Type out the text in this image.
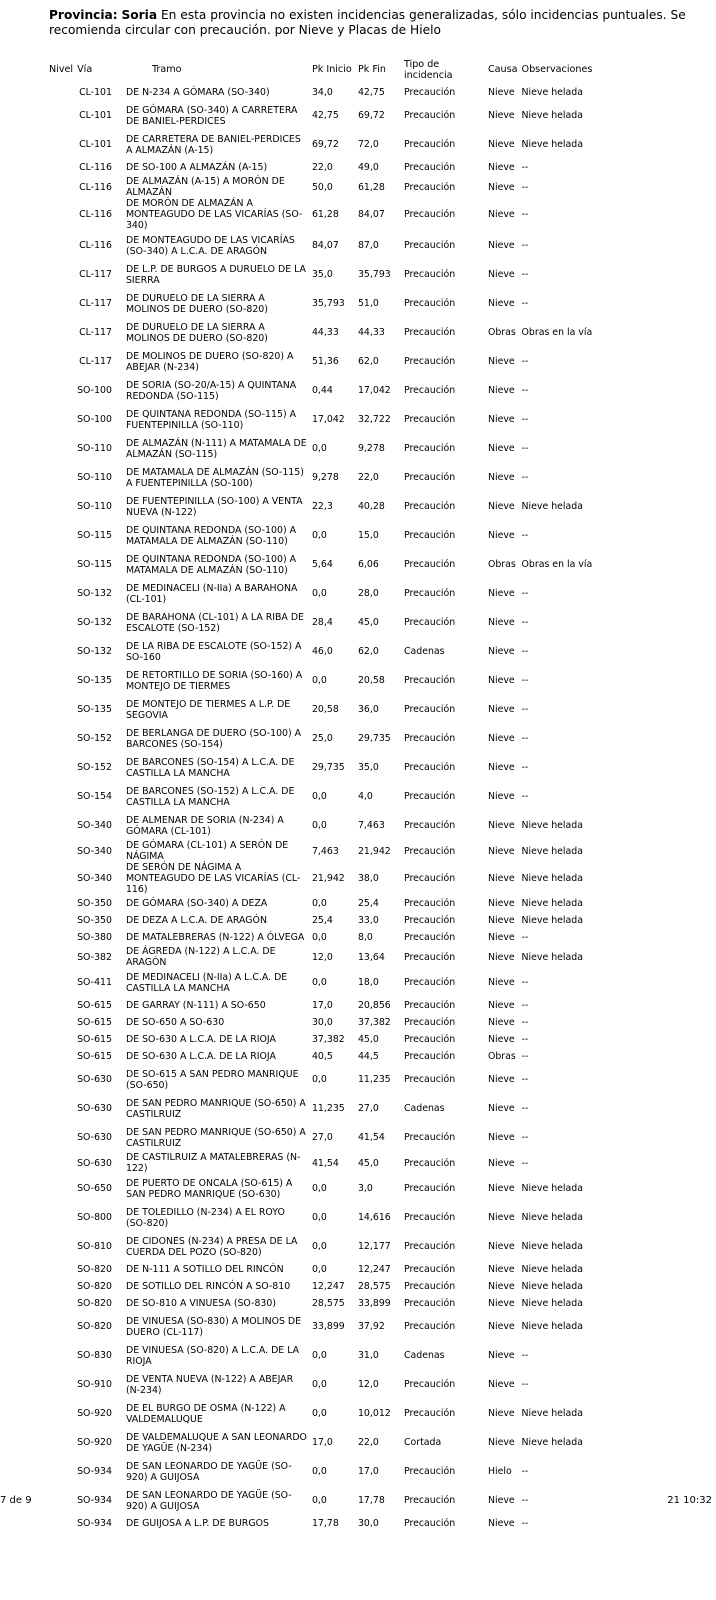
Provincia: Soria En esta provincia no existen incidencias generalizadas, sólo incidencias puntuales. Se recomienda circular con precaución. por Nieve y Placas de Hielo
Nivel	Vía	Tramo	Pk Inicio	Pk Fin	Tipo de incidencia	Causa	Observaciones
	CL-101	DE N-234 A GÓMARA (SO-340)	34,0	42,75	Precaución	Nieve	Nieve helada
	CL-101	DE GÓMARA (SO-340) A CARRETERA DE BANIEL-PERDICES	42,75	69,72	Precaución	Nieve	Nieve helada
	CL-101	DE CARRETERA DE BANIEL-PERDICES A ALMAZÁN (A-15)	69,72	72,0	Precaución	Nieve	Nieve helada
	CL-116	DE SO-100 A ALMAZÁN (A-15)	22,0	49,0	Precaución	Nieve	--
	CL-116	DE ALMAZÁN (A-15) A MORÓN DE ALMAZÁN	50,0	61,28	Precaución	Nieve	--
	CL-116	DE MORÓN DE ALMAZÁN A MONTEAGUDO DE LAS VICARÍAS (SO-340)	61,28	84,07	Precaución	Nieve	--
	CL-116	DE MONTEAGUDO DE LAS VICARÍAS (SO-340) A L.C.A. DE ARAGÓN	84,07	87,0	Precaución	Nieve	--
	CL-117	DE L.P. DE BURGOS A DURUELO DE LA SIERRA	35,0	35,793	Precaución	Nieve	--
	CL-117	DE DURUELO DE LA SIERRA A MOLINOS DE DUERO (SO-820)	35,793	51,0	Precaución	Nieve	--
	CL-117	DE DURUELO DE LA SIERRA A MOLINOS DE DUERO (SO-820)	44,33	44,33	Precaución	Obras	Obras en la vía
	CL-117	DE MOLINOS DE DUERO (SO-820) A ABEJAR (N-234)	51,36	62,0	Precaución	Nieve	--
	SO-100	DE SORIA (SO-20/A-15) A QUINTANA REDONDA (SO-115)	0,44	17,042	Precaución	Nieve	--
	SO-100	DE QUINTANA REDONDA (SO-115) A FUENTEPINILLA (SO-110)	17,042	32,722	Precaución	Nieve	--
	SO-110	DE ALMAZÁN (N-111) A MATAMALA DE ALMAZÁN (SO-115)	0,0	9,278	Precaución	Nieve	--
	SO-110	DE MATAMALA DE ALMAZÁN (SO-115) A FUENTEPINILLA (SO-100)	9,278	22,0	Precaución	Nieve	--
	SO-110	DE FUENTEPINILLA (SO-100) A VENTA NUEVA (N-122)	22,3	40,28	Precaución	Nieve	Nieve helada
	SO-115	DE QUINTANA REDONDA (SO-100) A MATAMALA DE ALMAZÁN (SO-110)	0,0	15,0	Precaución	Nieve	--
	SO-115	DE QUINTANA REDONDA (SO-100) A MATAMALA DE ALMAZÁN (SO-110)	5,64	6,06	Precaución	Obras	Obras en la vía
	SO-132	DE MEDINACELI (N-IIa) A BARAHONA (CL-101)	0,0	28,0	Precaución	Nieve	--
	SO-132	DE BARAHONA (CL-101) A LA RIBA DE ESCALOTE (SO-152)	28,4	45,0	Precaución	Nieve	--
	SO-132	DE LA RIBA DE ESCALOTE (SO-152) A SO-160	46,0	62,0	Cadenas	Nieve	--
	SO-135	DE RETORTILLO DE SORIA (SO-160) A MONTEJO DE TIERMES	0,0	20,58	Precaución	Nieve	--
	SO-135	DE MONTEJO DE TIERMES A L.P. DE SEGOVIA	20,58	36,0	Precaución	Nieve	--
	SO-152	DE BERLANGA DE DUERO (SO-100) A BARCONES (SO-154)	25,0	29,735	Precaución	Nieve	--
	SO-152	DE BARCONES (SO-154) A L.C.A. DE CASTILLA LA MANCHA	29,735	35,0	Precaución	Nieve	--
	SO-154	DE BARCONES (SO-152) A L.C.A. DE CASTILLA LA MANCHA	0,0	4,0	Precaución	Nieve	--
	SO-340	DE ALMENAR DE SORIA (N-234) A GÓMARA (CL-101)	0,0	7,463	Precaución	Nieve	Nieve helada
	SO-340	DE GÓMARA (CL-101) A SERÓN DE NÁGIMA	7,463	21,942	Precaución	Nieve	Nieve helada
	SO-340	DE SERÓN DE NÁGIMA A MONTEAGUDO DE LAS VICARÍAS (CL-116)	21,942	38,0	Precaución	Nieve	Nieve helada
	SO-350	DE GÓMARA (SO-340) A DEZA	0,0	25,4	Precaución	Nieve	Nieve helada
	SO-350	DE DEZA A L.C.A. DE ARAGÓN	25,4	33,0	Precaución	Nieve	Nieve helada
	SO-380	DE MATALEBRERAS (N-122) A ÓLVEGA	0,0	8,0	Precaución	Nieve	--
	SO-382	DE ÁGREDA (N-122) A L.C.A. DE ARAGÓN	12,0	13,64	Precaución	Nieve	Nieve helada
	SO-411	DE MEDINACELI (N-IIa) A L.C.A. DE CASTILLA LA MANCHA	0,0	18,0	Precaución	Nieve	--
	SO-615	DE GARRAY (N-111) A SO-650	17,0	20,856	Precaución	Nieve	--
	SO-615	DE SO-650 A SO-630	30,0	37,382	Precaución	Nieve	--
	SO-615	DE SO-630 A L.C.A. DE LA RIOJA	37,382	45,0	Precaución	Nieve	--
	SO-615	DE SO-630 A L.C.A. DE LA RIOJA	40,5	44,5	Precaución	Obras	--
	SO-630	DE SO-615 A SAN PEDRO MANRIQUE (SO-650)	0,0	11,235	Precaución	Nieve	--
	SO-630	DE SAN PEDRO MANRIQUE (SO-650) A CASTILRUIZ	11,235	27,0	Cadenas	Nieve	--
	SO-630	DE SAN PEDRO MANRIQUE (SO-650) A CASTILRUIZ	27,0	41,54	Precaución	Nieve	--
	SO-630	DE CASTILRUIZ A MATALEBRERAS (N-122)	41,54	45,0	Precaución	Nieve	--
	SO-650	DE PUERTO DE ONCALA (SO-615) A SAN PEDRO MANRIQUE (SO-630)	0,0	3,0	Precaución	Nieve	Nieve helada
	SO-800	DE TOLEDILLO (N-234) A EL ROYO (SO-820)	0,0	14,616	Precaución	Nieve	Nieve helada
	SO-810	DE CIDONES (N-234) A PRESA DE LA CUERDA DEL POZO (SO-820)	0,0	12,177	Precaución	Nieve	Nieve helada
	SO-820	DE N-111 A SOTILLO DEL RINCÓN	0,0	12,247	Precaución	Nieve	Nieve helada
	SO-820	DE SOTILLO DEL RINCÓN A SO-810	12,247	28,575	Precaución	Nieve	Nieve helada
	SO-820	DE SO-810 A VINUESA (SO-830)	28,575	33,899	Precaución	Nieve	Nieve helada
	SO-820	DE VINUESA (SO-830) A MOLINOS DE DUERO (CL-117)	33,899	37,92	Precaución	Nieve	Nieve helada
	SO-830	DE VINUESA (SO-820) A L.C.A. DE LA RIOJA	0,0	31,0	Cadenas	Nieve	--
	SO-910	DE VENTA NUEVA (N-122) A ABEJAR (N-234)	0,0	12,0	Precaución	Nieve	--
	SO-920	DE EL BURGO DE OSMA (N-122) A VALDEMALUQUE	0,0	10,012	Precaución	Nieve	Nieve helada
	SO-920	DE VALDEMALUQUE A SAN LEONARDO DE YAGÜE (N-234)	17,0	22,0	Cortada	Nieve	Nieve helada
	SO-934	DE SAN LEONARDO DE YAGÜE (SO-920) A GUIJOSA	0,0	17,0	Precaución	Hielo	--
	SO-934	DE SAN LEONARDO DE YAGÜE (SO-920) A GUIJOSA	0,0	17,78	Precaución	Nieve	--
	SO-934	DE GUIJOSA A L.P. DE BURGOS	17,78	30,0	Precaución	Nieve	--
7 de 9	21 10:32
